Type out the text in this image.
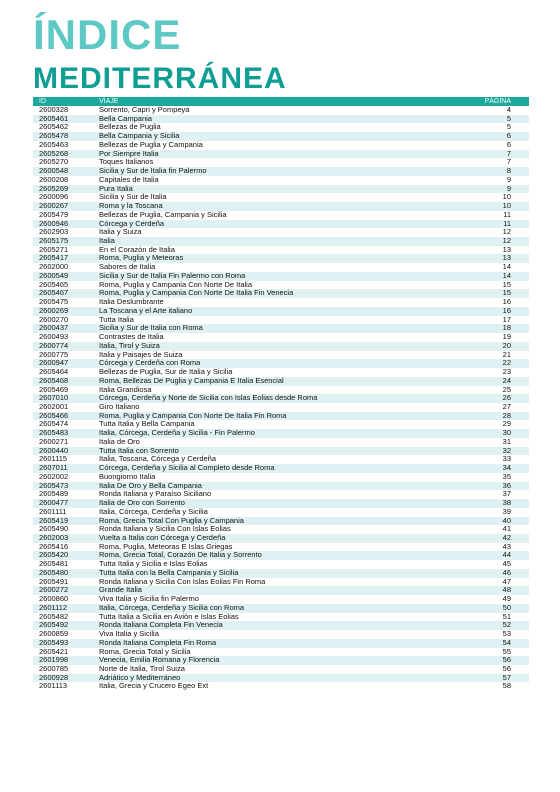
ÍNDICE
MEDITERRÁNEA
ID	VIAJE	PÁGINA
2600328	Sorrento, Capri y Pompeya	4
2605461	Bella Campania	5
2605462	Bellezas de Puglia	5
2605478	Bella Campania y Sicilia	6
2605463	Bellezas de Puglia y Campania	6
2605268	Por Siempre Italia	7
2605270	Toques Italianos	7
2600548	Sicilia y Sur de Italia fin Palermo	8
2600208	Capitales de Italia	9
2605269	Pura Italia	9
2600096	Sicilia y Sur de Italia	10
2600267	Roma y la Toscana	10
2605479	Bellezas de Puglia, Campania y Sicilia	11
2600946	Córcega y Cerdeña	11
2602903	Italia y Suiza	12
2605175	Italia	12
2605271	En el Corazón de Italia	13
2605417	Roma, Puglia y Meteoras	13
2602000	Sabores de Italia	14
2600549	Sicilia y Sur de Italia Fin Palermo con Roma	14
2605465	Roma, Puglia y Campania Con Norte De Italia	15
2605467	Roma, Puglia y Campania Con Norte De Italia Fin Venecia	15
2605475	Italia Deslumbrante	16
2600269	La Toscana y el Arte italiano	16
2600270	Tutta Italia	17
2600437	Sicilia y Sur de Italia con Roma	18
2600493	Contrastes de Italia	19
2600774	Italia, Tirol y Suiza	20
2600775	Italia y Paisajes de Suiza	21
2600947	Córcega y Cerdeña con Roma	22
2605464	Bellezas de Puglia, Sur de Italia y Sicilia	23
2605468	Roma, Bellezas De Puglia y Campania E Italia Esencial	24
2605469	Italia Grandiosa	25
2607010	Córcega, Cerdeña y Norte de Sicilia con Islas Eolias desde Roma	26
2602001	Giro Italiano	27
2605466	Roma, Puglia y Campania Con Norte De Italia Fin Roma	28
2605474	Tutta Italia y Bella Campania	29
2605483	Italia, Córcega, Cerdeña y Sicilia - Fin Palermo	30
2600271	Italia de Oro	31
2600440	Tutta Italia con Sorrento	32
2601115	Italia, Toscana, Córcega y Cerdeña	33
2607011	Córcega, Cerdeña y Sicilia al Completo desde Roma	34
2602002	Buongiorno Italia	35
2605473	Italia De Oro y Bella Campania	36
2605489	Ronda Italiana y Paraíso Siciliano	37
2600477	Italia de Oro con Sorrento	38
2601111	Italia, Córcega, Cerdeña y Sicilia	39
2605419	Roma, Grecia Total Con Puglia y Campania	40
2605490	Ronda Italiana y Sicilia Con Islas Eolias	41
2602003	Vuelta a Italia con Córcega y Cerdeña	42
2605416	Roma, Puglia, Meteoras E Islas Griegas	43
2605420	Roma, Grecia Total, Corazón De Italia y Sorrento	44
2605481	Tutta Italia y Sicilia e Islas Eolias	45
2605480	Tutta Italia con la Bella Campania y Sicilia	46
2605491	Ronda Italiana y Sicilia Con Islas Eolias Fin Roma	47
2600272	Grande Italia	48
2600860	Viva Italia y Sicilia fin Palermo	49
2601112	Italia, Córcega, Cerdeña y Sicilia con Roma	50
2605482	Tutta Italia a Sicilia en Avión e Islas Eolias	51
2605492	Ronda Italiana Completa Fin Venecia	52
2600859	Viva Italia y Sicilia	53
2605493	Ronda Italiana Completa Fin Roma	54
2605421	Roma, Grecia Total y Sicilia	55
2601998	Venecia, Emilia Romana y Florencia	56
2600785	Norte de Italia, Tirol Suiza	56
2600928	Adriático y Mediterráneo	57
2601113	Italia, Grecia y Crucero Egeo Ext	58
